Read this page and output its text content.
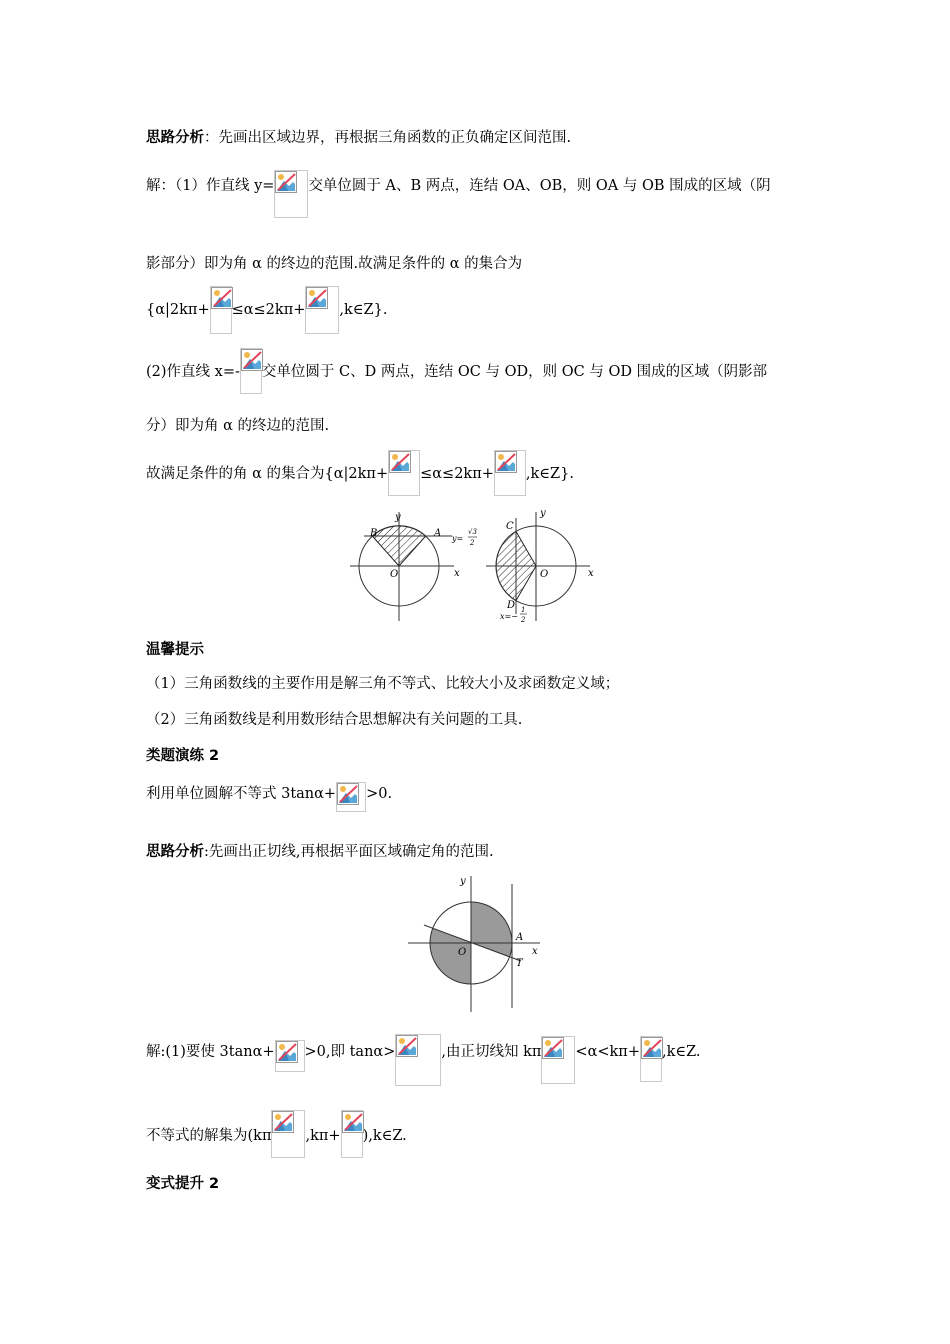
思路分析：先画出区域边界，再根据三角函数的正负确定区间范围.
解：（1）作直线 y= 交单位圆于 A、B 两点，连结 OA、OB，则 OA 与 OB 围成的区域（阴
影部分）即为角 α 的终边的范围.故满足条件的 α 的集合为
{α|2kπ+ ≤α≤2kπ+ ,k∈Z}.
(2)作直线 x=- 交单位圆于 C、D 两点，连结 OC 与 OD，则 OC 与 OD 围成的区域（阴影部
分）即为角 α 的终边的范围.
故满足条件的角 α 的集合为{α|2kπ+ ≤α≤2kπ+ ,k∈Z}.
y
x
O
A
B	y=
√3
2
y
x
O
C
D
x=−
1
2
温馨提示
（1）三角函数线的主要作用是解三角不等式、比较大小及求函数定义域；
（2）三角函数线是利用数形结合思想解决有关问题的工具.
类题演练 2
利用单位圆解不等式 3tanα+ >0.
思路分析:先画出正切线,再根据平面区域确定角的范围.
y
x
O
A
T
解:(1)要使 3tanα+ >0,即 tanα>	,由正切线知 kπ <α<kπ+ ,k∈Z.
不等式的解集为(kπ ,kπ+ ),k∈Z.
变式提升 2
